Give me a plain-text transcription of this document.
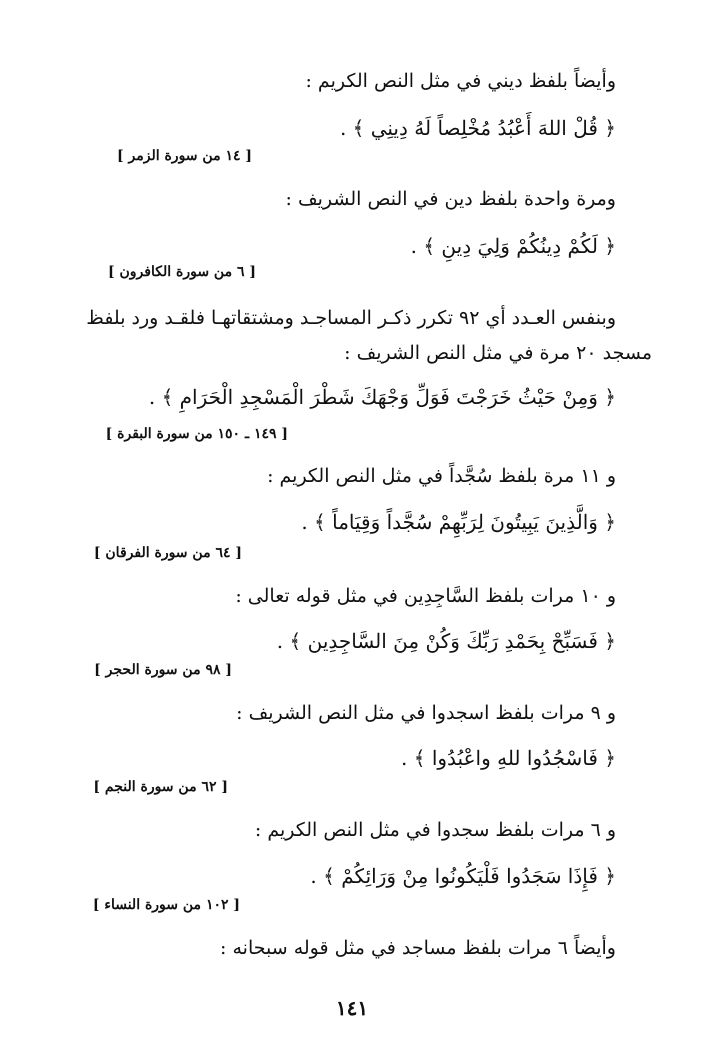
وأيضاً بلفظ ديني في مثل النص الكريم :
﴿ قُلْ اللهَ أَعْبُدُ مُخْلِصاً لَهُ دِينِي ﴾ .
[ ١٤ من سورة الزمر ]
ومرة واحدة بلفظ دين في النص الشريف :
﴿ لَكُمْ دِينُكُمْ وَلِيَ دِينِ ﴾ .
[ ٦ من سورة الكافرون ]
وبنفس العـدد أي ٩٢ تكرر ذكـر المساجـد ومشتقاتهـا فلقـد ورد بلفظ
مسجد ٢٠ مرة في مثل النص الشريف :
﴿ وَمِنْ حَيْثُ خَرَجْتَ فَوَلِّ وَجْهَكَ شَطْرَ الْمَسْجِدِ الْحَرَامِ ﴾ .
[ ١٤٩ ـ ١٥٠ من سورة البقرة ]
و ١١ مرة بلفظ سُجَّداً في مثل النص الكريم :
﴿ وَالَّذِينَ يَبِيتُونَ لِرَبِّهِمْ سُجَّداً وَقِيَاماً ﴾ .
[ ٦٤ من سورة الفرقان ]
و ١٠ مرات بلفظ السَّاجِدِين في مثل قوله تعالى :
﴿ فَسَبِّحْ بِحَمْدِ رَبِّكَ وَكُنْ مِنَ السَّاجِدِين ﴾ .
[ ٩٨ من سورة الحجر ]
و ٩ مرات بلفظ اسجدوا في مثل النص الشريف :
﴿ فَاسْجُدُوا للهِ واعْبُدُوا ﴾ .
[ ٦٢ من سورة النجم ]
و ٦ مرات بلفظ سجدوا في مثل النص الكريم :
﴿ فَإِذَا سَجَدُوا فَلْيَكُونُوا مِنْ وَرَائِكُمْ ﴾ .
[ ١٠٢ من سورة النساء ]
وأيضاً ٦ مرات بلفظ مساجد في مثل قوله سبحانه :
١٤١
